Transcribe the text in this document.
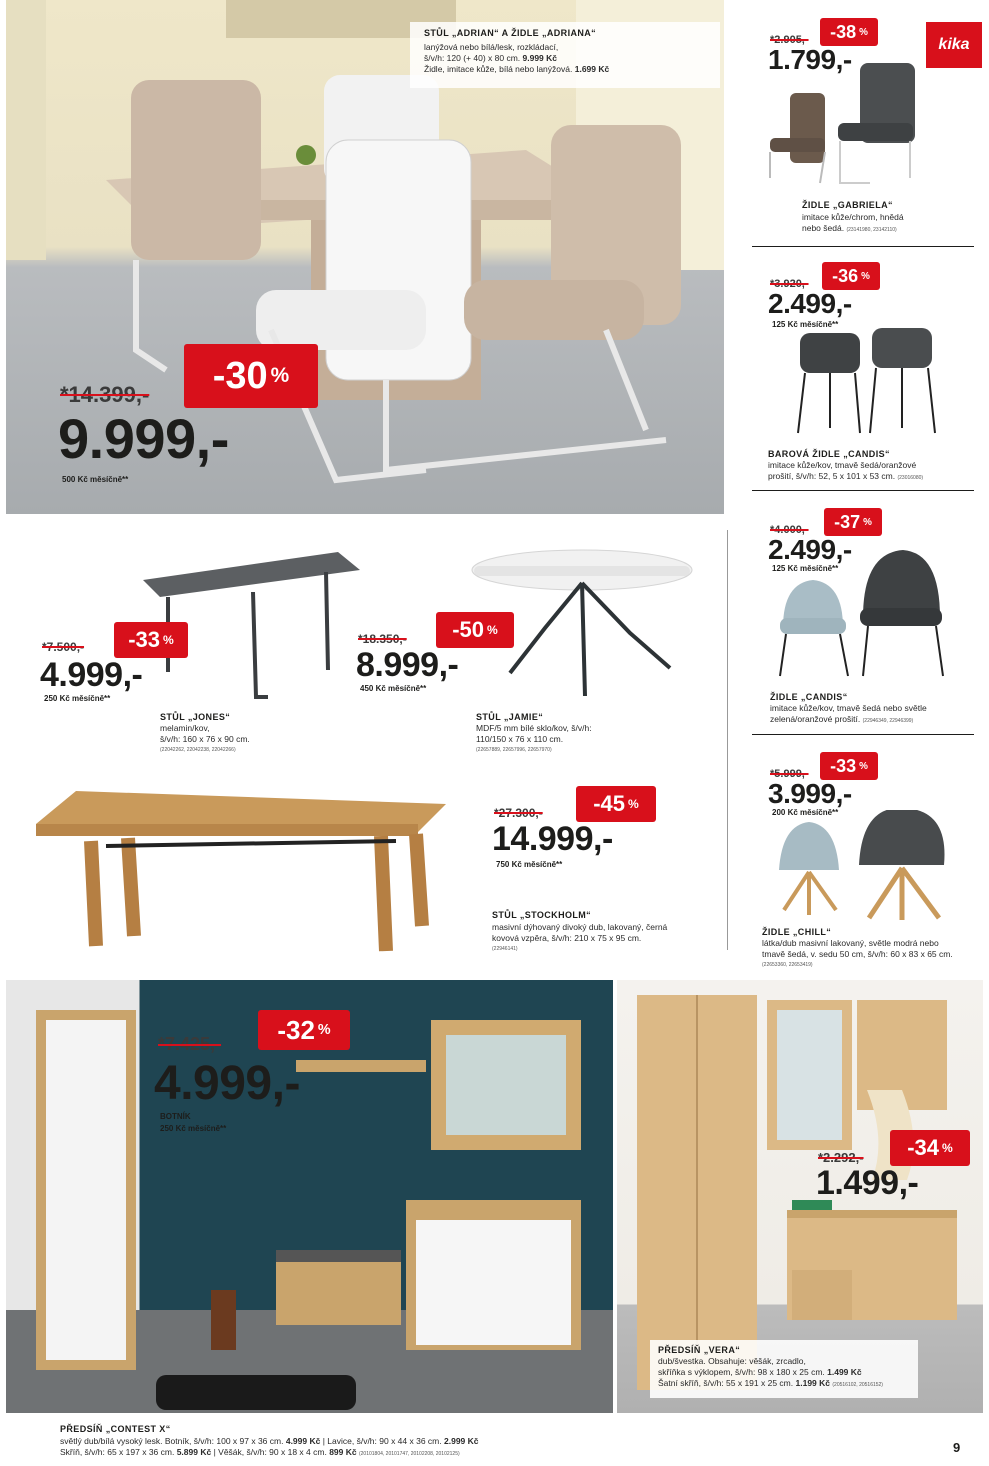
STŮL „ADRIAN“ A ŽIDLE „ADRIANA“
lanýžová nebo bílá/lesk, rozkládací,
š/v/h: 120 (+ 40) x 80 cm. 9.999 Kč
Židle, imitace kůže, bílá nebo lanýžová. 1.699 Kč
*14.399,- -30 %
9.999,-
500 Kč měsíčně**
kika
*2.905,- -38 %
1.799,-
ŽIDLE „GABRIELA“
imitace kůže/chrom, hnědá
nebo šedá. (23141980, 23142110)
*3.920,- -36 %
2.499,-
125 Kč měsíčně**
BAROVÁ ŽIDLE „CANDIS“
imitace kůže/kov, tmavě šedá/oranžové
prošití, š/v/h: 52, 5 x 101 x 53 cm. (23016080)
*4.000,- -37 %
2.499,-
125 Kč měsíčně**
ŽIDLE „CANDIS“
imitace kůže/kov, tmavě šedá nebo světle
zelená/oranžové prošití. (22946349, 22946399)
*5.999,- -33 %
3.999,-
200 Kč měsíčně**
ŽIDLE „CHILL“
látka/dub masivní lakovaný, světle modrá nebo
tmavě šedá, v. sedu 50 cm, š/v/h: 60 x 83 x 65 cm.
(22653360, 22653419)
*7.500,- -33 %
4.999,-
250 Kč měsíčně**
STŮL „JONES“
melamin/kov,
š/v/h: 160 x 76 x 90 cm.
(22042262, 22042238, 22042266)
*18.350,- -50 %
8.999,-
450 Kč měsíčně**
STŮL „JAMIE“
MDF/5 mm bílé sklo/kov, š/v/h:
110/150 x 76 x 110 cm.
(22657889, 22657996, 22657970)
*27.300,- -45 %
14.999,-
750 Kč měsíčně**
STŮL „STOCKHOLM“
masivní dýhovaný divoký dub, lakovaný, černá
kovová vzpěra, š/v/h: 210 x 75 x 95 cm.
(22946141)
*7.425,- -32 %
4.999,-
BOTNÍK
250 Kč měsíčně**
*2.292,- -34 %
1.499,-
PŘEDSÍŇ „VERA“
dub/švestka. Obsahuje: věšák, zrcadlo,
skříňka s výklopem, š/v/h: 98 x 180 x 25 cm. 1.499 Kč
Šatní skříň, š/v/h: 55 x 191 x 25 cm. 1.199 Kč (20516102, 20516152)
PŘEDSÍŇ „CONTEST X“
světlý dub/bílá vysoký lesk. Botník, š/v/h: 100 x 97 x 36 cm. 4.999 Kč | Lavice, š/v/h: 90 x 44 x 36 cm. 2.999 Kč
Skříň, š/v/h: 65 x 197 x 36 cm. 5.899 Kč | Věšák, š/v/h: 90 x 18 x 4 cm. 899 Kč (20101804, 20101747, 20102208, 20102125)	9
